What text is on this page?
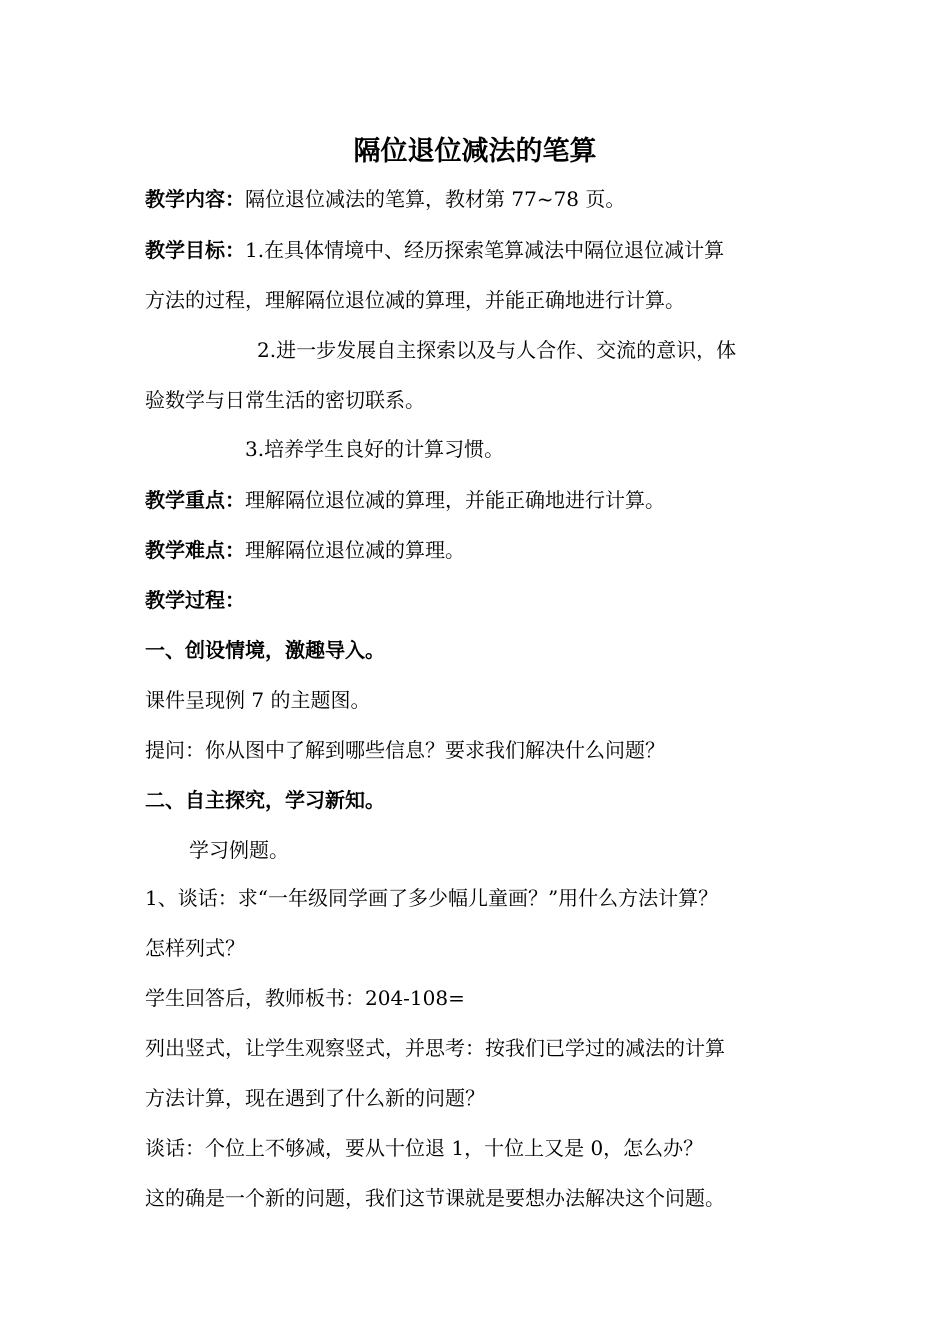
隔位退位减法的笔算
教学内容：隔位退位减法的笔算，教材第 77~78 页。
教学目标：1.在具体情境中、经历探索笔算减法中隔位退位减计算
方法的过程，理解隔位退位减的算理，并能正确地进行计算。
2.进一步发展自主探索以及与人合作、交流的意识，体
验数学与日常生活的密切联系。
3.培养学生良好的计算习惯。
教学重点：理解隔位退位减的算理，并能正确地进行计算。
教学难点：理解隔位退位减的算理。
教学过程：
一、创设情境，激趣导入。
课件呈现例 7 的主题图。
提问：你从图中了解到哪些信息？要求我们解决什么问题？
二、自主探究，学习新知。
学习例题。
1、谈话：求“一年级同学画了多少幅儿童画？”用什么方法计算？
怎样列式？
学生回答后，教师板书：204-108=
列出竖式，让学生观察竖式，并思考：按我们已学过的减法的计算
方法计算，现在遇到了什么新的问题？
谈话：个位上不够减，要从十位退 1，十位上又是 0，怎么办？
这的确是一个新的问题，我们这节课就是要想办法解决这个问题。
